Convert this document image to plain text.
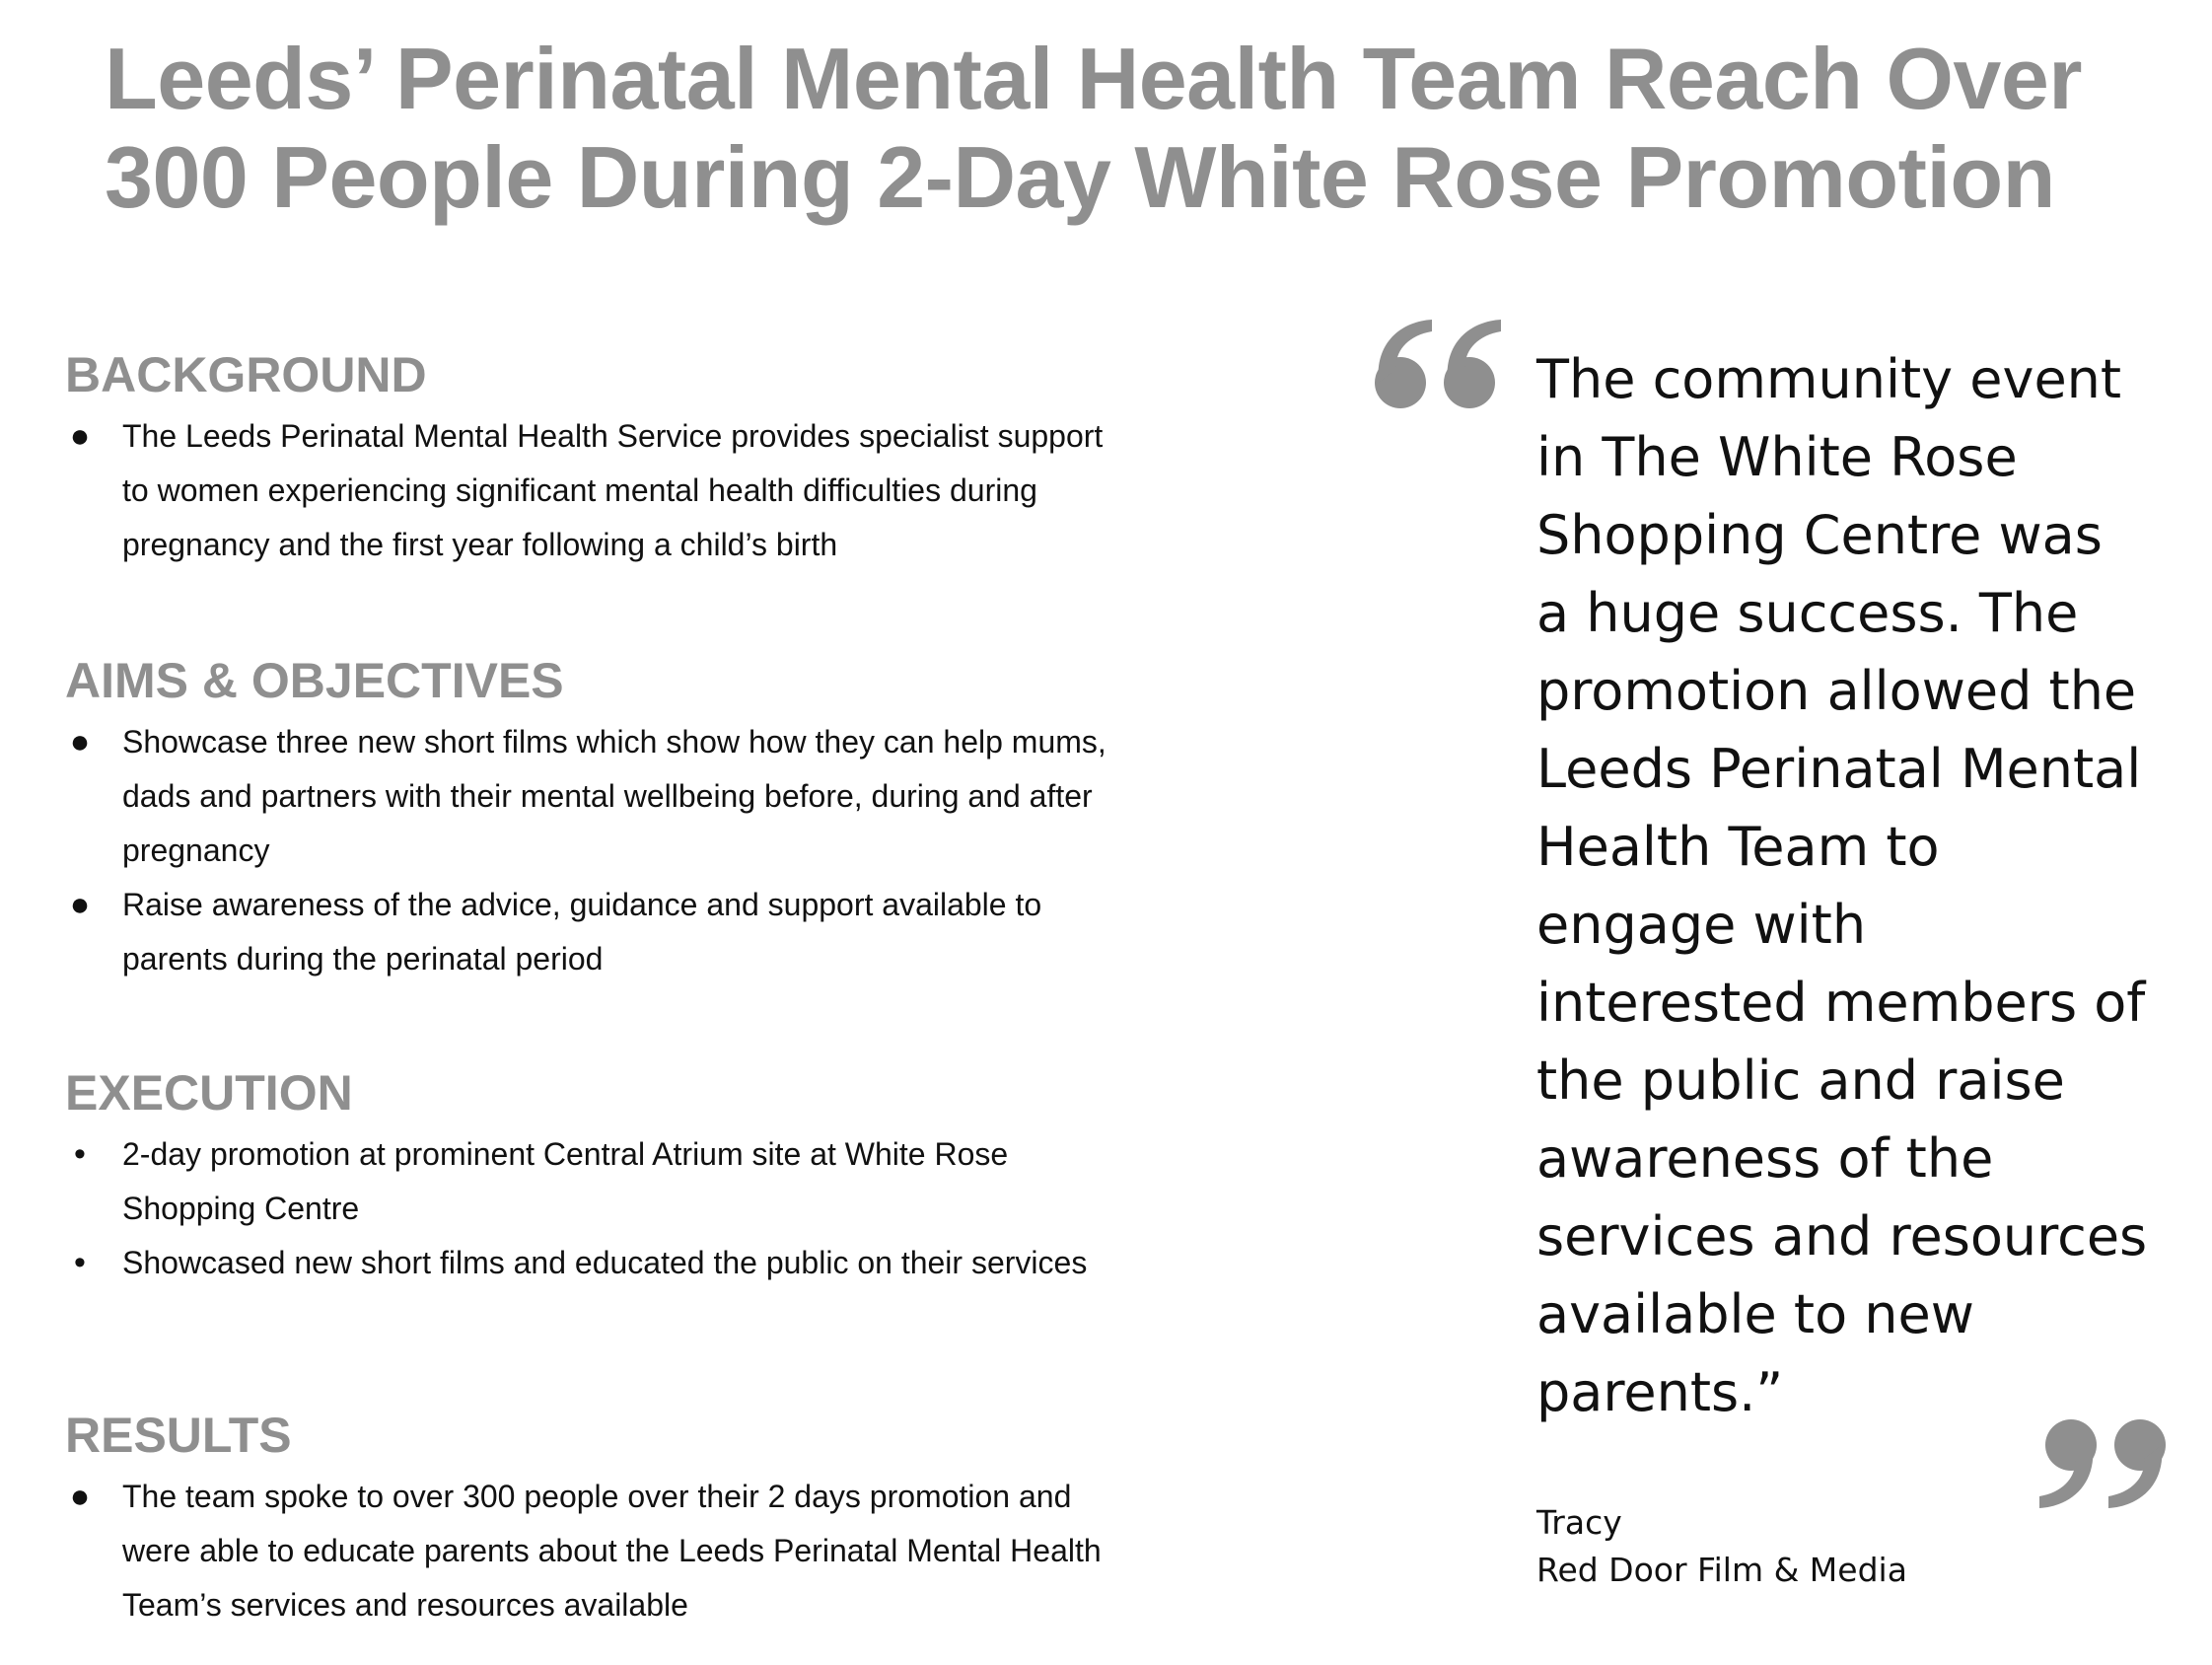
Leeds’ Perinatal Mental Health Team Reach Over
300 People During 2-Day White Rose Promotion
BACKGROUND
● The Leeds Perinatal Mental Health Service provides specialist support
to women experiencing significant mental health difficulties during
pregnancy and the first year following a child’s birth
AIMS & OBJECTIVES
● Showcase three new short films which show how they can help mums,
dads and partners with their mental wellbeing before, during and after
pregnancy
● Raise awareness of the advice, guidance and support available to
parents during the perinatal period
EXECUTION
• 2-day promotion at prominent Central Atrium site at White Rose
Shopping Centre
• Showcased new short films and educated the public on their services
RESULTS
● The team spoke to over 300 people over their 2 days promotion and
were able to educate parents about the Leeds Perinatal Mental Health
Team’s services and resources available
The community event
in The White Rose
Shopping Centre was
a huge success. The
promotion allowed the
Leeds Perinatal Mental
Health Team to
engage with
interested members of
the public and raise
awareness of the
services and resources
available to new
parents.”
Tracy
Red Door Film & Media
